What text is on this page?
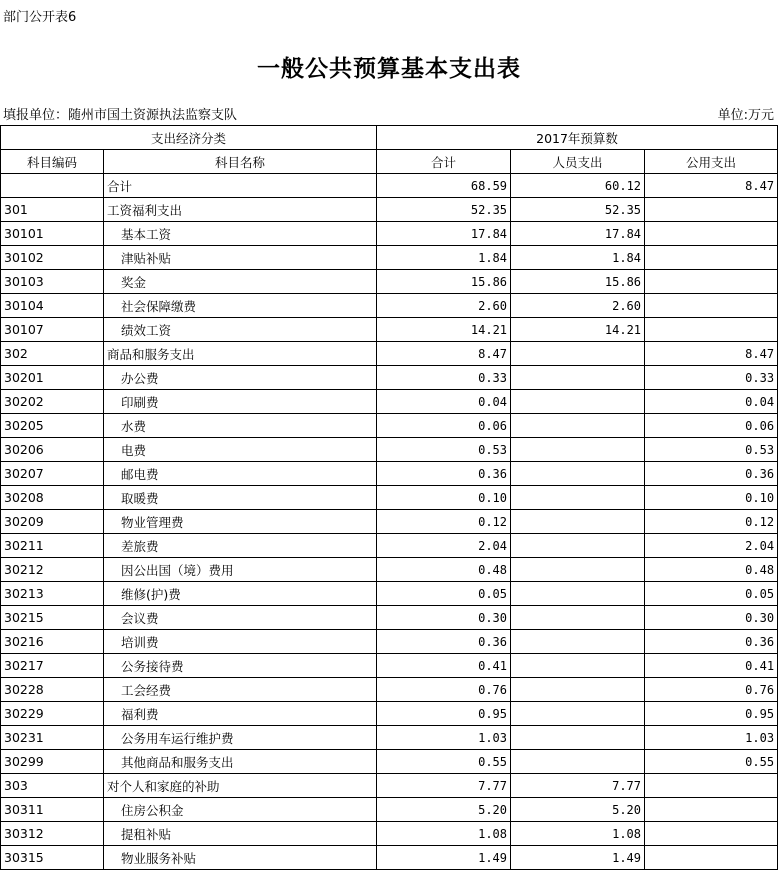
部门公开表6
一般公共预算基本支出表
填报单位：随州市国土资源执法监察支队	单位:万元
支出经济分类		2017年预算数		
科目编码	科目名称	合计	人员支出	公用支出
	合计	68.59	60.12	8.47
301	工资福利支出	52.35	52.35	
30101	基本工资	17.84	17.84	
30102	津贴补贴	1.84	1.84	
30103	奖金	15.86	15.86	
30104	社会保障缴费	2.60	2.60	
30107	绩效工资	14.21	14.21	
302	商品和服务支出	8.47		8.47
30201	办公费	0.33		0.33
30202	印刷费	0.04		0.04
30205	水费	0.06		0.06
30206	电费	0.53		0.53
30207	邮电费	0.36		0.36
30208	取暖费	0.10		0.10
30209	物业管理费	0.12		0.12
30211	差旅费	2.04		2.04
30212	因公出国（境）费用	0.48		0.48
30213	维修(护)费	0.05		0.05
30215	会议费	0.30		0.30
30216	培训费	0.36		0.36
30217	公务接待费	0.41		0.41
30228	工会经费	0.76		0.76
30229	福利费	0.95		0.95
30231	公务用车运行维护费	1.03		1.03
30299	其他商品和服务支出	0.55		0.55
303	对个人和家庭的补助	7.77	7.77	
30311	住房公积金	5.20	5.20	
30312	提租补贴	1.08	1.08	
30315	物业服务补贴	1.49	1.49	
